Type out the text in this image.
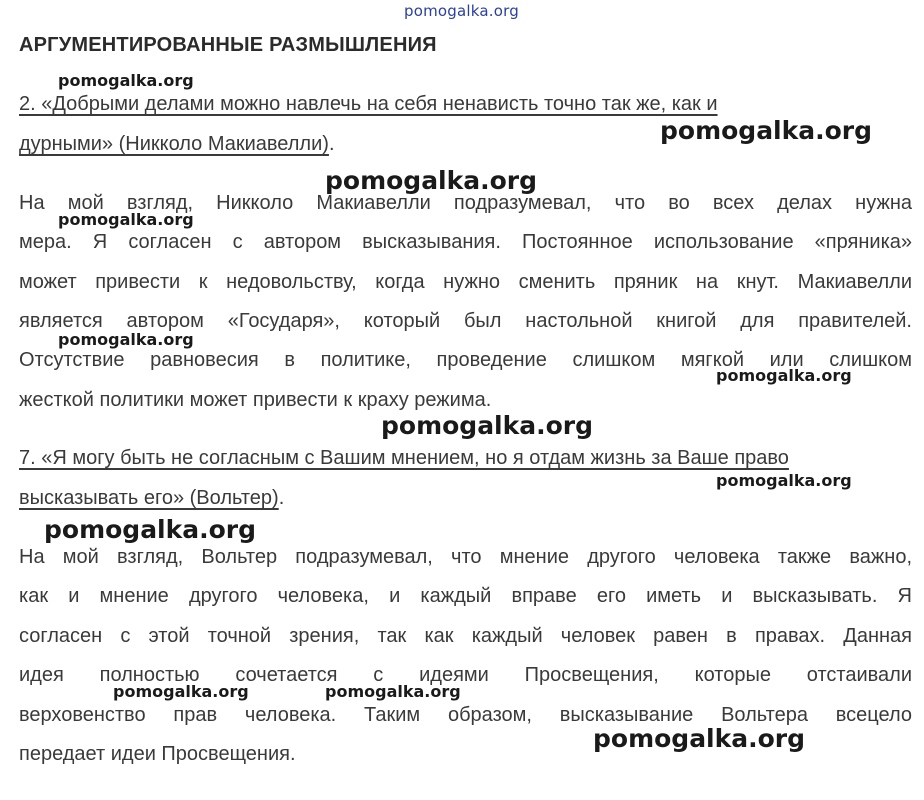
pomogalka.org
АРГУМЕНТИРОВАННЫЕ РАЗМЫШЛЕНИЯ
2. «Добрыми делами можно навлечь на себя ненависть точно так же, как и
дурными» (Никколо Макиавелли).
На мой взгляд, Никколо Макиавелли подразумевал, что во всех делах нужна
мера. Я согласен с автором высказывания. Постоянное использование «пряника»
может привести к недовольству, когда нужно сменить пряник на кнут. Макиавелли
является автором «Государя», который был настольной книгой для правителей.
Отсутствие равновесия в политике, проведение слишком мягкой или слишком
жесткой политики может привести к краху режима.
7. «Я могу быть не согласным с Вашим мнением, но я отдам жизнь за Ваше право
высказывать его» (Вольтер).
На мой взгляд, Вольтер подразумевал, что мнение другого человека также важно,
как и мнение другого человека, и каждый вправе его иметь и высказывать. Я
согласен с этой точной зрения, так как каждый человек равен в правах. Данная
идея полностью сочетается с идеями Просвещения, которые отстаивали
верховенство прав человека. Таким образом, высказывание Вольтера всецело
передает идеи Просвещения.
pomogalka.org
pomogalka.org
pomogalka.org
pomogalka.org
pomogalka.org
pomogalka.org
pomogalka.org
pomogalka.org
pomogalka.org
pomogalka.org	pomogalka.org
pomogalka.org
